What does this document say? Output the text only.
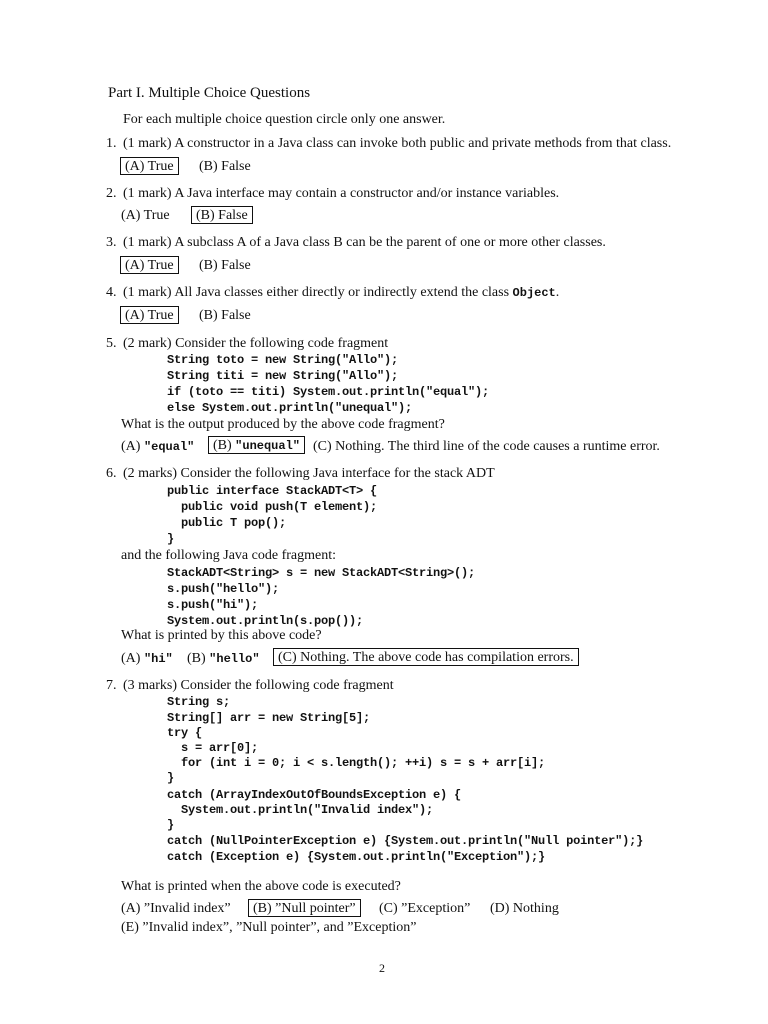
Part I. Multiple Choice Questions
For each multiple choice question circle only one answer.
1. (1 mark) A constructor in a Java class can invoke both public and private methods from that class.
(A) True	(B) False
2. (1 mark) A Java interface may contain a constructor and/or instance variables.
(A) True	(B) False
3. (1 mark) A subclass A of a Java class B can be the parent of one or more other classes.
(A) True	(B) False
4. (1 mark) All Java classes either directly or indirectly extend the class Object.
(A) True	(B) False
5. (2 mark) Consider the following code fragment
String toto = new String("Allo");
String titi = new String("Allo");
if (toto == titi) System.out.println("equal");
else System.out.println("unequal");
What is the output produced by the above code fragment?
(A) "equal"	(B) "unequal" (C) Nothing. The third line of the code causes a runtime error.
6. (2 marks) Consider the following Java interface for the stack ADT
public interface StackADT<T> {
public void push(T element);
public T pop();
}
and the following Java code fragment:
StackADT<String> s = new StackADT<String>();
s.push("hello");
s.push("hi");
System.out.println(s.pop());
What is printed by this above code?
(A) "hi" (B) "hello"	(C) Nothing. The above code has compilation errors.
7. (3 marks) Consider the following code fragment
String s;
String[] arr = new String[5];
try {
s = arr[0];
for (int i = 0; i < s.length(); ++i) s = s + arr[i];
}
catch (ArrayIndexOutOfBoundsException e) {
System.out.println("Invalid index");
}
catch (NullPointerException e) {System.out.println("Null pointer");}
catch (Exception e) {System.out.println("Exception");}
What is printed when the above code is executed?
(A) ”Invalid index”	(B) ”Null pointer”	(C) ”Exception” (D) Nothing
(E) ”Invalid index”, ”Null pointer”, and ”Exception”
2
